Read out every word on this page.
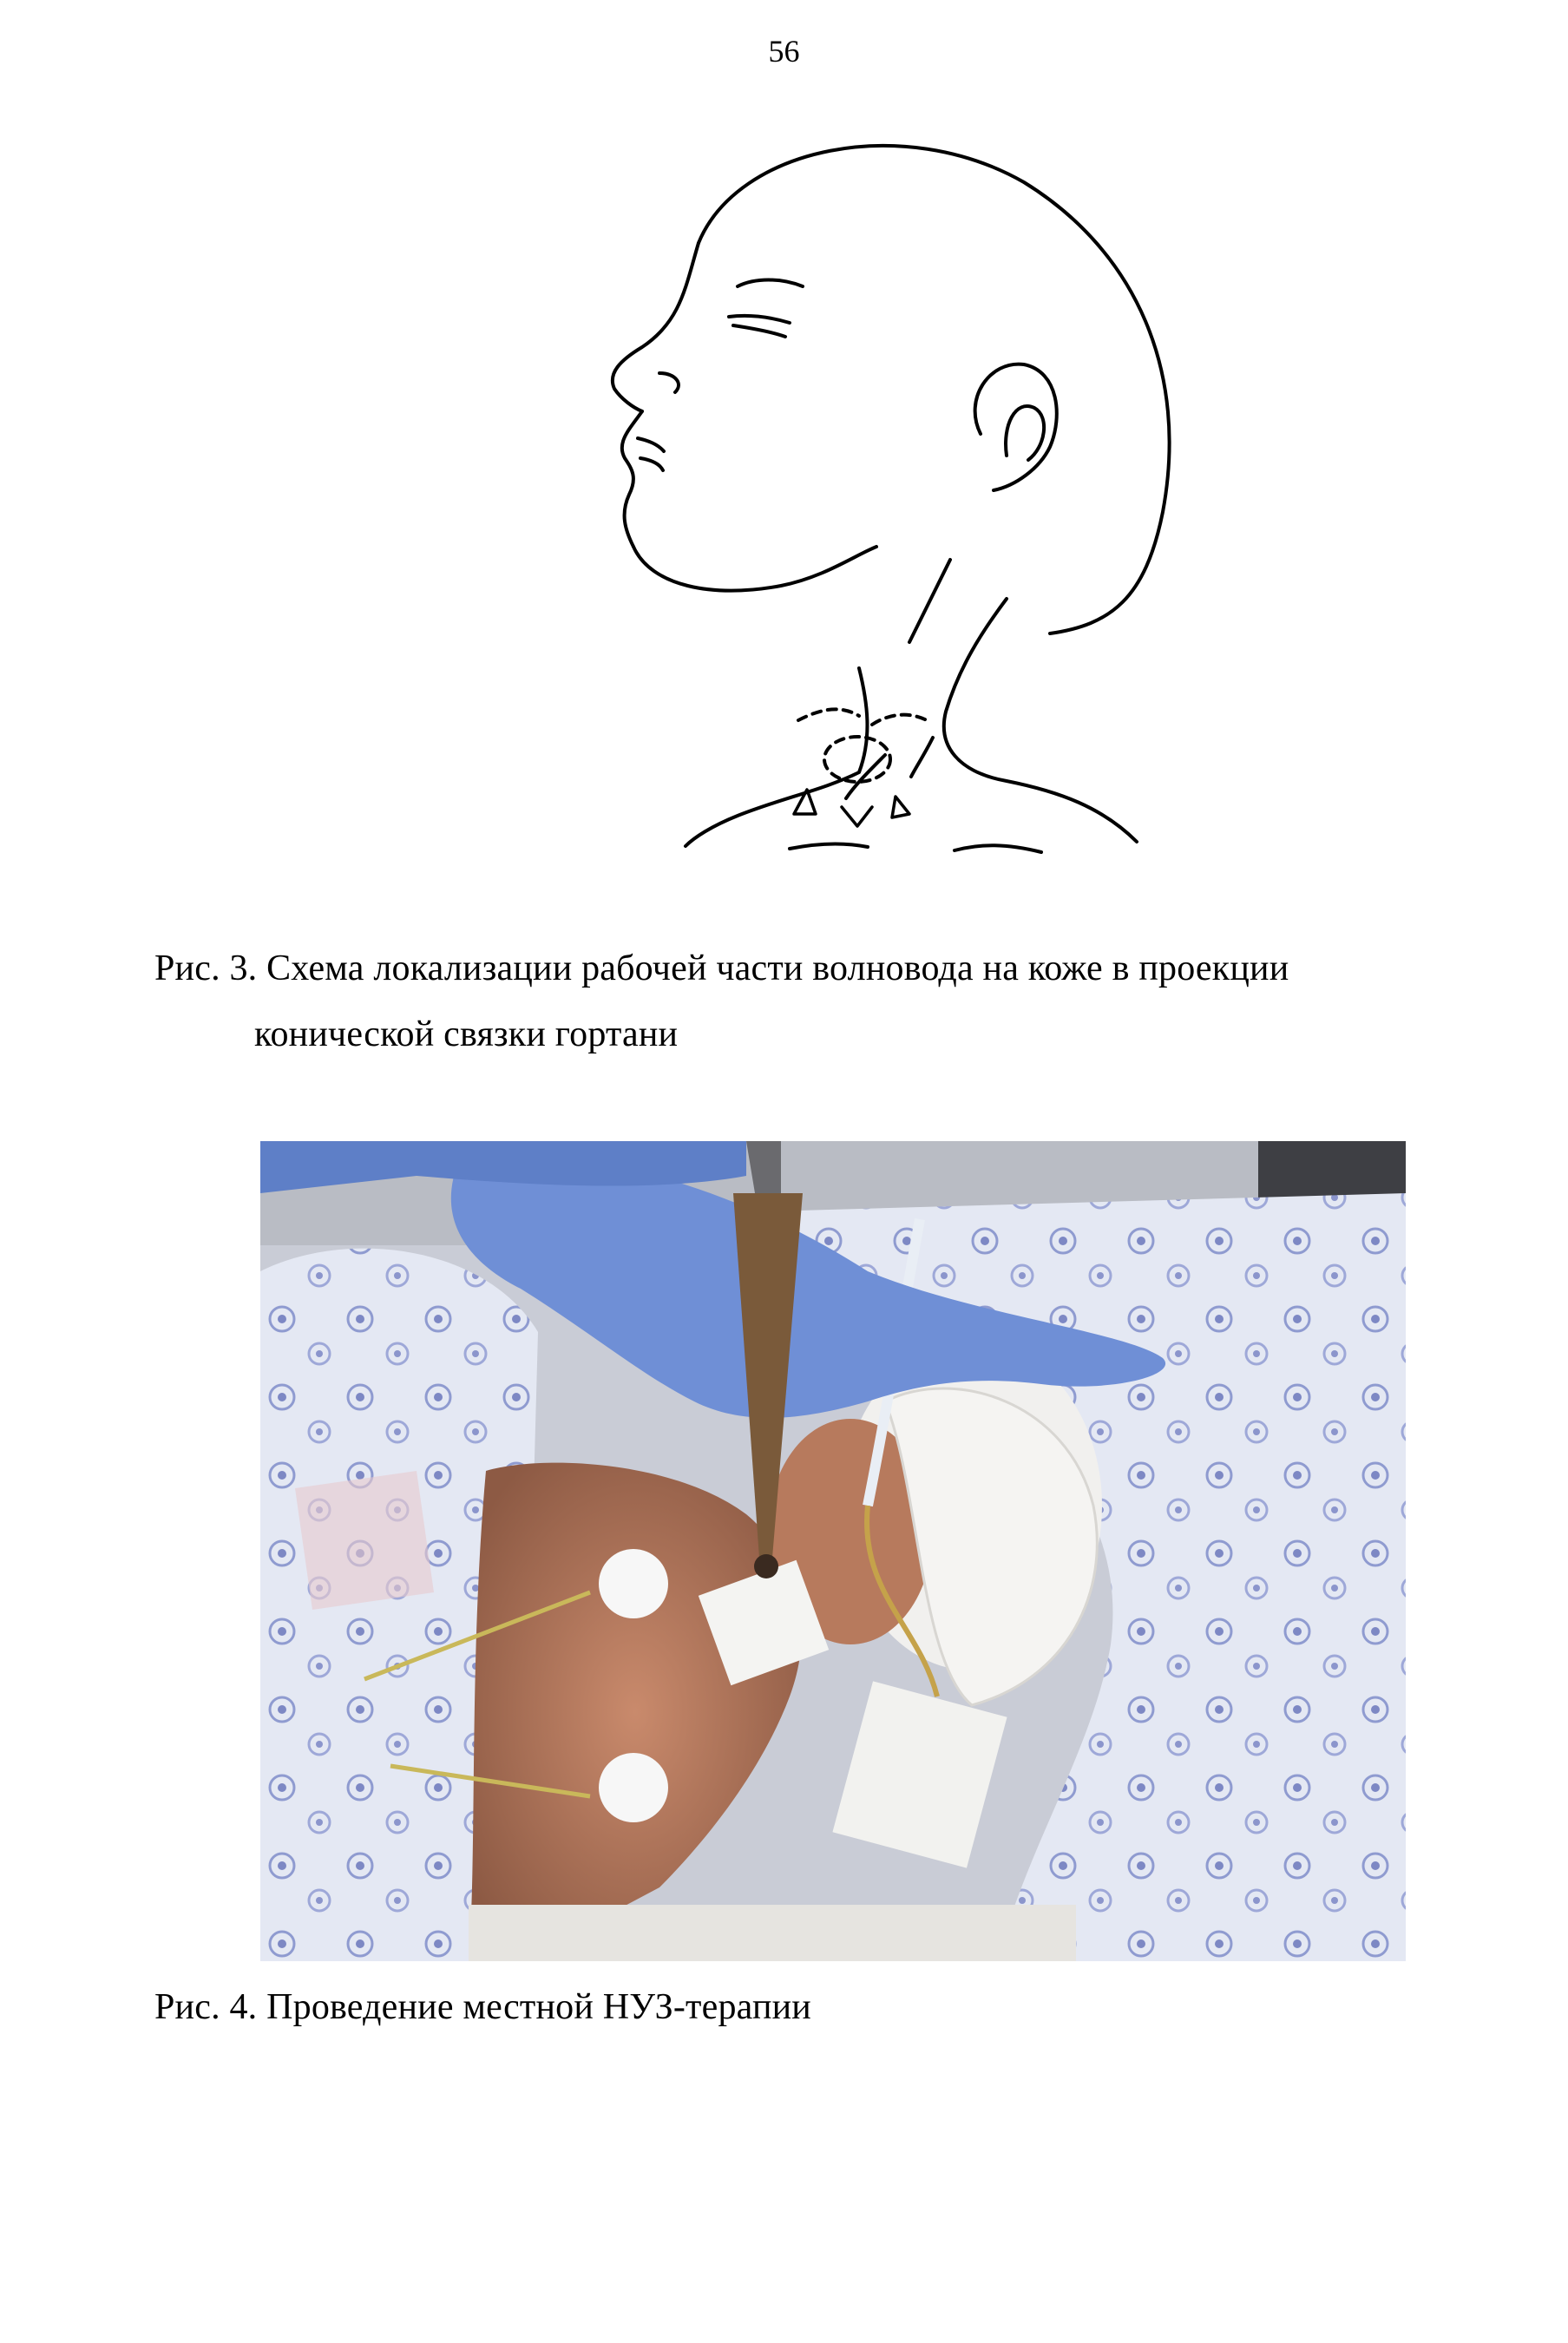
56
Рис. 3. Схема локализации рабочей части волновода на коже в проекции
конической связки гортани
Рис. 4. Проведение местной НУЗ-терапии
